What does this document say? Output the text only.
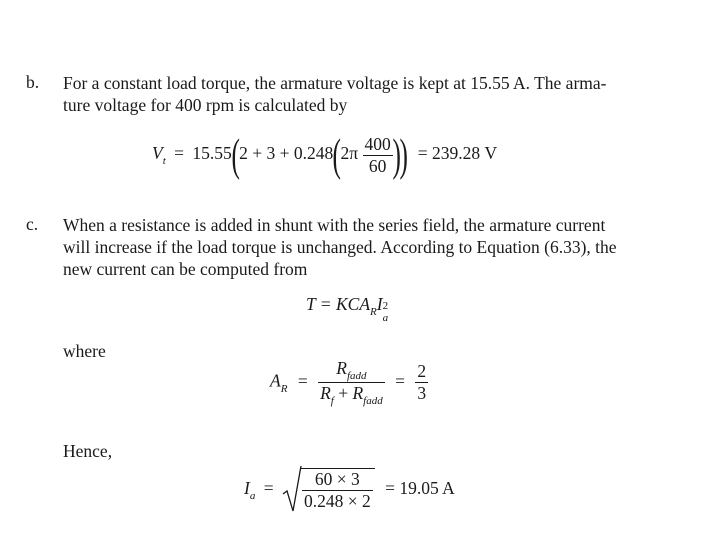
b. For a constant load torque, the armature voltage is kept at 15.55 A. The arma-
ture voltage for 400 rpm is calculated by
$V_t = 15.55(2 + 3 + 0.248(2\pi \frac{400}{60}$ )) = 239.28 V
c. When a resistance is added in shunt with the series field, the armature current
will increase if the load torque is unchanged. According to Equation (6.33), the
new current can be computed from
$T = KCA_RI$ 2
a
where
$A_R = \frac{R_{fadd}}{R_f + R_{fadd}} = \frac{2}{3}$
Hence,
$I_a = \frac{60 \times 3}{0.248 \times 2} = 19.05$ A
